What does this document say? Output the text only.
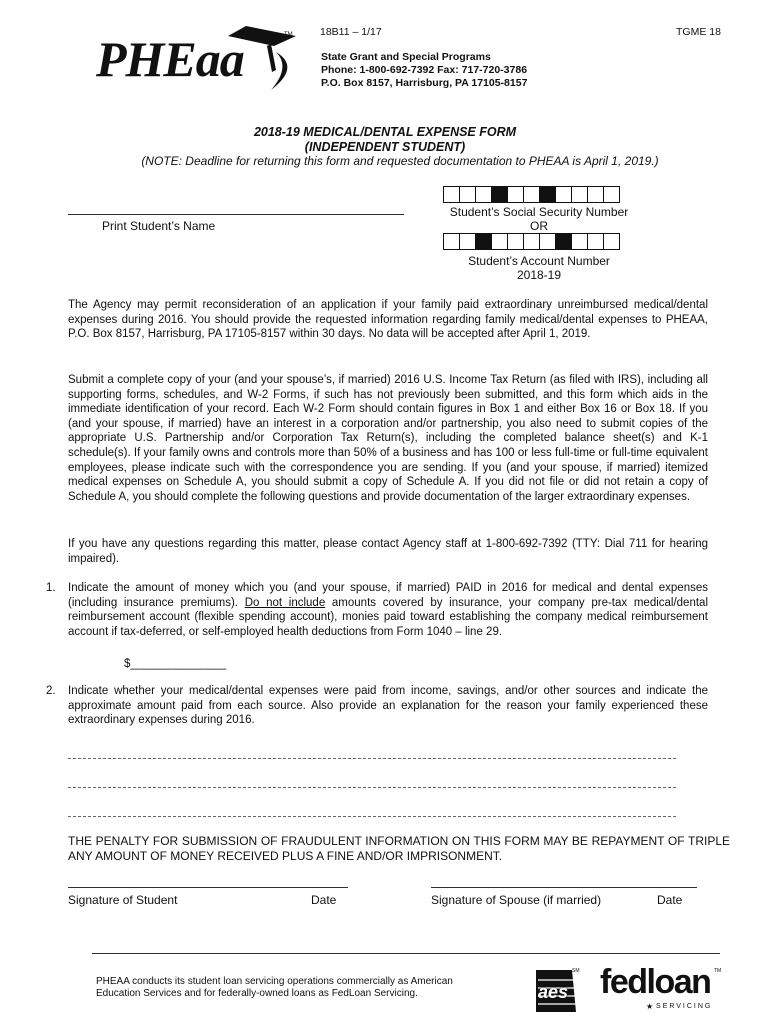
PHEaa	TM	18B11 – 1/17	TGME 18
State Grant and Special Programs
Phone: 1-800-692-7392 Fax: 717-720-3786
P.O. Box 8157, Harrisburg, PA 17105-8157
2018-19 MEDICAL/DENTAL EXPENSE FORM
(INDEPENDENT STUDENT)
(NOTE: Deadline for returning this form and requested documentation to PHEAA is April 1, 2019.)
Print Student’s Name
Student’s Social Security Number
OR
Student’s Account Number
2018-19
The Agency may permit reconsideration of an application if your family paid extraordinary unreimbursed medical/dental expenses during 2016. You should provide the requested information regarding family medical/dental expenses to PHEAA, P.O. Box 8157, Harrisburg, PA 17105-8157 within 30 days. No data will be accepted after April 1, 2019.
Submit a complete copy of your (and your spouse’s, if married) 2016 U.S. Income Tax Return (as filed with IRS), including all supporting forms, schedules, and W-2 Forms, if such has not previously been submitted, and this form which aids in the immediate identification of your record. Each W-2 Form should contain figures in Box 1 and either Box 16 or Box 18. If you (and your spouse, if married) have an interest in a corporation and/or partnership, you also need to submit copies of the appropriate U.S. Partnership and/or Corporation Tax Return(s), including the completed balance sheet(s) and K-1 schedule(s). If your family owns and controls more than 50% of a business and has 100 or less full-time or full-time equivalent employees, please indicate such with the correspondence you are sending. If you (and your spouse, if married) itemized medical expenses on Schedule A, you should submit a copy of Schedule A. If you did not file or did not retain a copy of Schedule A, you should complete the following questions and provide documentation of the larger extraordinary expenses.
If you have any questions regarding this matter, please contact Agency staff at 1-800-692-7392 (TTY: Dial 711 for hearing impaired).
1. Indicate the amount of money which you (and your spouse, if married) PAID in 2016 for medical and dental expenses (including insurance premiums). Do not include amounts covered by insurance, your company pre-tax medical/dental reimbursement account (flexible spending account), monies paid toward establishing the company medical reimbursement account if tax-deferred, or self-employed health deductions from Form 1040 – line 29.
$_______________
2. Indicate whether your medical/dental expenses were paid from income, savings, and/or other sources and indicate the approximate amount paid from each source. Also provide an explanation for the reason your family experienced these extraordinary expenses during 2016.
THE PENALTY FOR SUBMISSION OF FRAUDULENT INFORMATION ON THIS FORM MAY BE REPAYMENT OF TRIPLE ANY AMOUNT OF MONEY RECEIVED PLUS A FINE AND/OR IMPRISONMENT.
Signature of Student	Date	Signature of Spouse (if married)	Date
PHEAA conducts its student loan servicing operations commercially as American Education Services and for federally-owned loans as FedLoan Servicing.	aes
SM fedloan TM
★ SERVICING
